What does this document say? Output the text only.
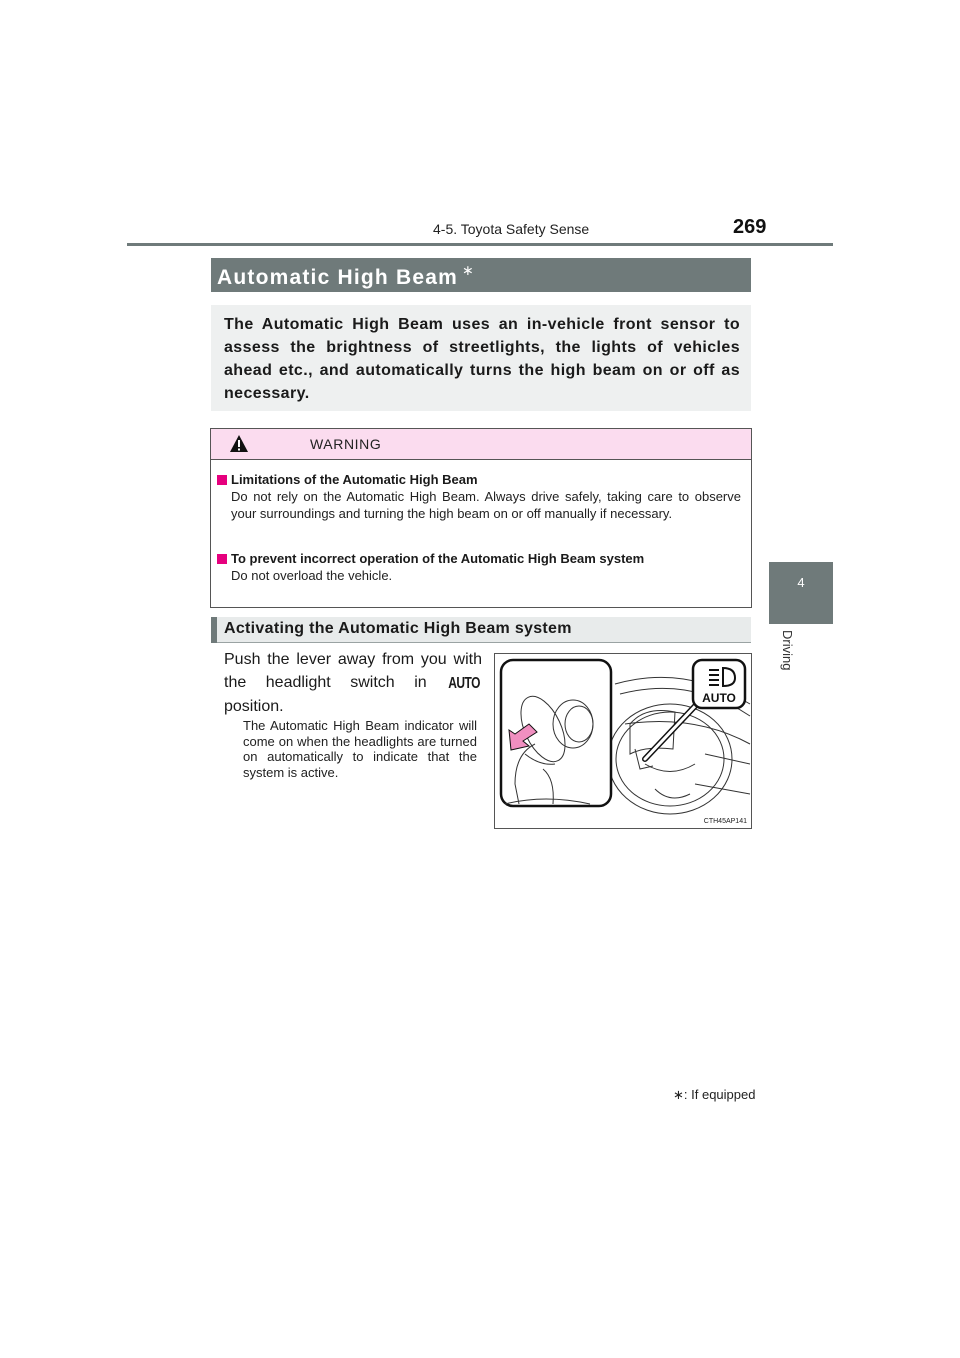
4-5. Toyota Safety Sense	269
4
Driving
Automatic High Beam ∗
The Automatic High Beam uses an in-vehicle front sensor to assess the brightness of streetlights, the lights of vehicles ahead etc., and automatically turns the high beam on or off as necessary.
WARNING
Limitations of the Automatic High Beam
Do not rely on the Automatic High Beam. Always drive safely, taking care to observe your surroundings and turning the high beam on or off manually if necessary.
To prevent incorrect operation of the Automatic High Beam system
Do not overload the vehicle.
Activating the Automatic High Beam system
Push the lever away from you with the headlight switch in AUTO position.
The Automatic High Beam indicator will come on when the headlights are turned on automatically to indicate that the system is active.
AUTO
CTH45AP141
∗: If equipped
